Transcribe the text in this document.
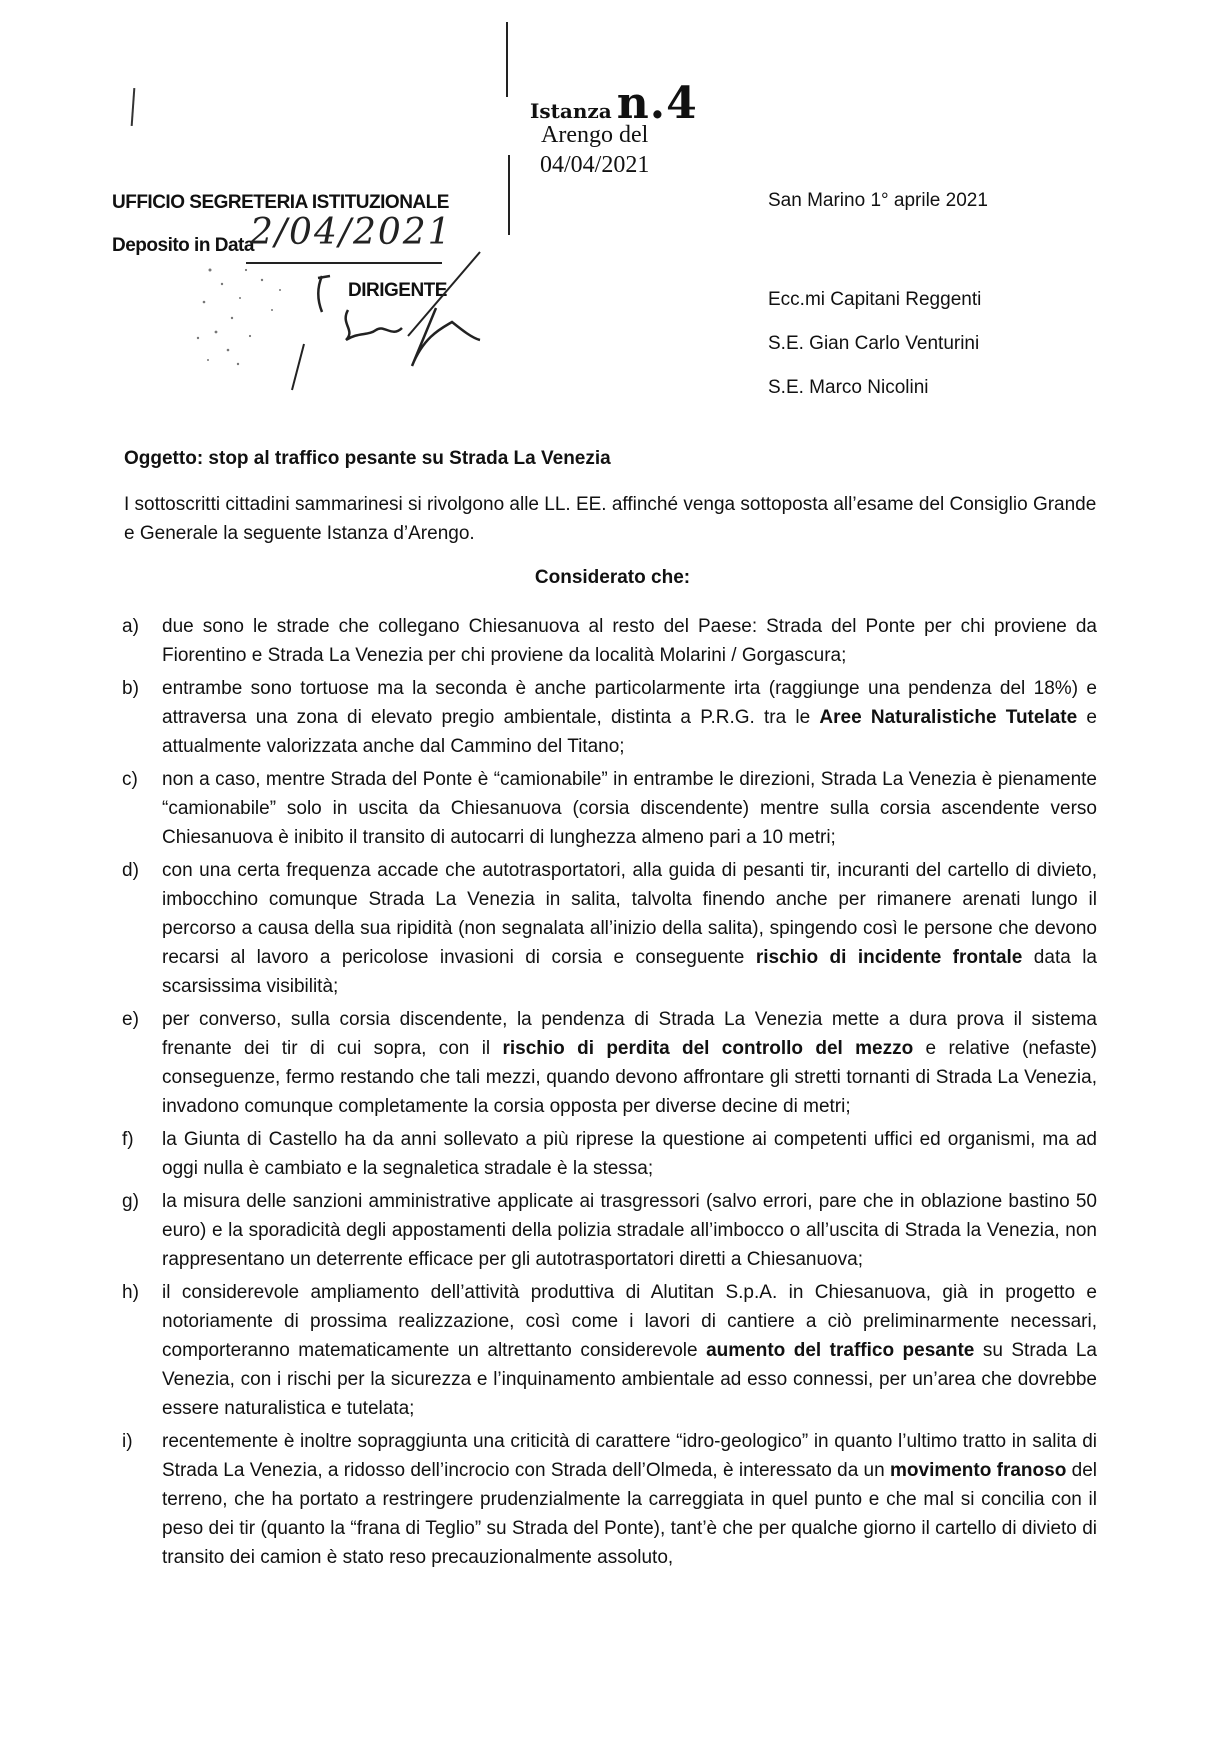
Istanza n.4
Arengo del
04/04/2021
UFFICIO SEGRETERIA ISTITUZIONALE
Deposito in Data
2/04/2021
DIRIGENTE
San Marino 1° aprile 2021
Ecc.mi Capitani Reggenti
S.E. Gian Carlo Venturini
S.E. Marco Nicolini
Oggetto: stop al traffico pesante su Strada La Venezia
I sottoscritti cittadini sammarinesi si rivolgono alle LL. EE. affinché venga sottoposta all’esame del Consiglio Grande e Generale la seguente Istanza d’Arengo.
Considerato che:
a)	due sono le strade che collegano Chiesanuova al resto del Paese: Strada del Ponte per chi proviene da Fiorentino e Strada La Venezia per chi proviene da località Molarini / Gorgascura;
b)	entrambe sono tortuose ma la seconda è anche particolarmente irta (raggiunge una pendenza del 18%) e attraversa una zona di elevato pregio ambientale, distinta a P.R.G. tra le Aree Naturalistiche Tutelate e attualmente valorizzata anche dal Cammino del Titano;
c)	non a caso, mentre Strada del Ponte è “camionabile” in entrambe le direzioni, Strada La Venezia è pienamente “camionabile” solo in uscita da Chiesanuova (corsia discendente) mentre sulla corsia ascendente verso Chiesanuova è inibito il transito di autocarri di lunghezza almeno pari a 10 metri;
d)	con una certa frequenza accade che autotrasportatori, alla guida di pesanti tir, incuranti del cartello di divieto, imbocchino comunque Strada La Venezia in salita, talvolta finendo anche per rimanere arenati lungo il percorso a causa della sua ripidità (non segnalata all’inizio della salita), spingendo così le persone che devono recarsi al lavoro a pericolose invasioni di corsia e conseguente rischio di incidente frontale data la scarsissima visibilità;
e)	per converso, sulla corsia discendente, la pendenza di Strada La Venezia mette a dura prova il sistema frenante dei tir di cui sopra, con il rischio di perdita del controllo del mezzo e relative (nefaste) conseguenze, fermo restando che tali mezzi, quando devono affrontare gli stretti tornanti di Strada La Venezia, invadono comunque completamente la corsia opposta per diverse decine di metri;
f)	la Giunta di Castello ha da anni sollevato a più riprese la questione ai competenti uffici ed organismi, ma ad oggi nulla è cambiato e la segnaletica stradale è la stessa;
g)	la misura delle sanzioni amministrative applicate ai trasgressori (salvo errori, pare che in oblazione bastino 50 euro) e la sporadicità degli appostamenti della polizia stradale all’imbocco o all’uscita di Strada la Venezia, non rappresentano un deterrente efficace per gli autotrasportatori diretti a Chiesanuova;
h)	il considerevole ampliamento dell’attività produttiva di Alutitan S.p.A. in Chiesanuova, già in progetto e notoriamente di prossima realizzazione, così come i lavori di cantiere a ciò preliminarmente necessari, comporteranno matematicamente un altrettanto considerevole aumento del traffico pesante su Strada La Venezia, con i rischi per la sicurezza e l’inquinamento ambientale ad esso connessi, per un’area che dovrebbe essere naturalistica e tutelata;
i)	recentemente è inoltre sopraggiunta una criticità di carattere “idro-geologico” in quanto l’ultimo tratto in salita di Strada La Venezia, a ridosso dell’incrocio con Strada dell’Olmeda, è interessato da un movimento franoso del terreno, che ha portato a restringere prudenzialmente la carreggiata in quel punto e che mal si concilia con il peso dei tir (quanto la “frana di Teglio” su Strada del Ponte), tant’è che per qualche giorno il cartello di divieto di transito dei camion è stato reso precauzionalmente assoluto,
